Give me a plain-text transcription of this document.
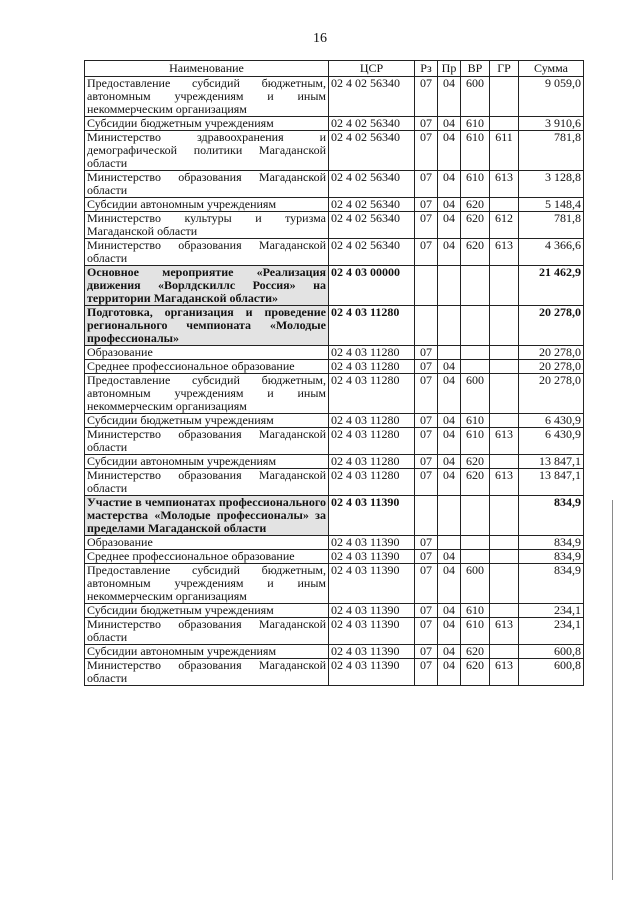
16
Наименование	ЦСР	Рз	Пр	ВР	ГР	Сумма
Предоставление субсидий бюджетным, автономным учреждениям и иным некоммерческим организациям	02 4 02 56340	07	04	600		9 059,0
Субсидии бюджетным учреждениям	02 4 02 56340	07	04	610		3 910,6
Министерство здравоохранения и демографической политики Магаданской области	02 4 02 56340	07	04	610	611	781,8
Министерство образования Магаданской области	02 4 02 56340	07	04	610	613	3 128,8
Субсидии автономным учреждениям	02 4 02 56340	07	04	620		5 148,4
Министерство культуры и туризма Магаданской области	02 4 02 56340	07	04	620	612	781,8
Министерство образования Магаданской области	02 4 02 56340	07	04	620	613	4 366,6
Основное мероприятие «Реализация движения «Ворлдскиллс Россия» на территории Магаданской области»	02 4 03 00000					21 462,9
Подготовка, организация и проведение регионального чемпионата «Молодые профессионалы»	02 4 03 11280					20 278,0
Образование	02 4 03 11280	07				20 278,0
Среднее профессиональное образование	02 4 03 11280	07	04			20 278,0
Предоставление субсидий бюджетным, автономным учреждениям и иным некоммерческим организациям	02 4 03 11280	07	04	600		20 278,0
Субсидии бюджетным учреждениям	02 4 03 11280	07	04	610		6 430,9
Министерство образования Магаданской области	02 4 03 11280	07	04	610	613	6 430,9
Субсидии автономным учреждениям	02 4 03 11280	07	04	620		13 847,1
Министерство образования Магаданской области	02 4 03 11280	07	04	620	613	13 847,1
Участие в чемпионатах профессионального мастерства «Молодые профессионалы» за пределами Магаданской области	02 4 03 11390					834,9
Образование	02 4 03 11390	07				834,9
Среднее профессиональное образование	02 4 03 11390	07	04			834,9
Предоставление субсидий бюджетным, автономным учреждениям и иным некоммерческим организациям	02 4 03 11390	07	04	600		834,9
Субсидии бюджетным учреждениям	02 4 03 11390	07	04	610		234,1
Министерство образования Магаданской области	02 4 03 11390	07	04	610	613	234,1
Субсидии автономным учреждениям	02 4 03 11390	07	04	620		600,8
Министерство образования Магаданской области	02 4 03 11390	07	04	620	613	600,8
